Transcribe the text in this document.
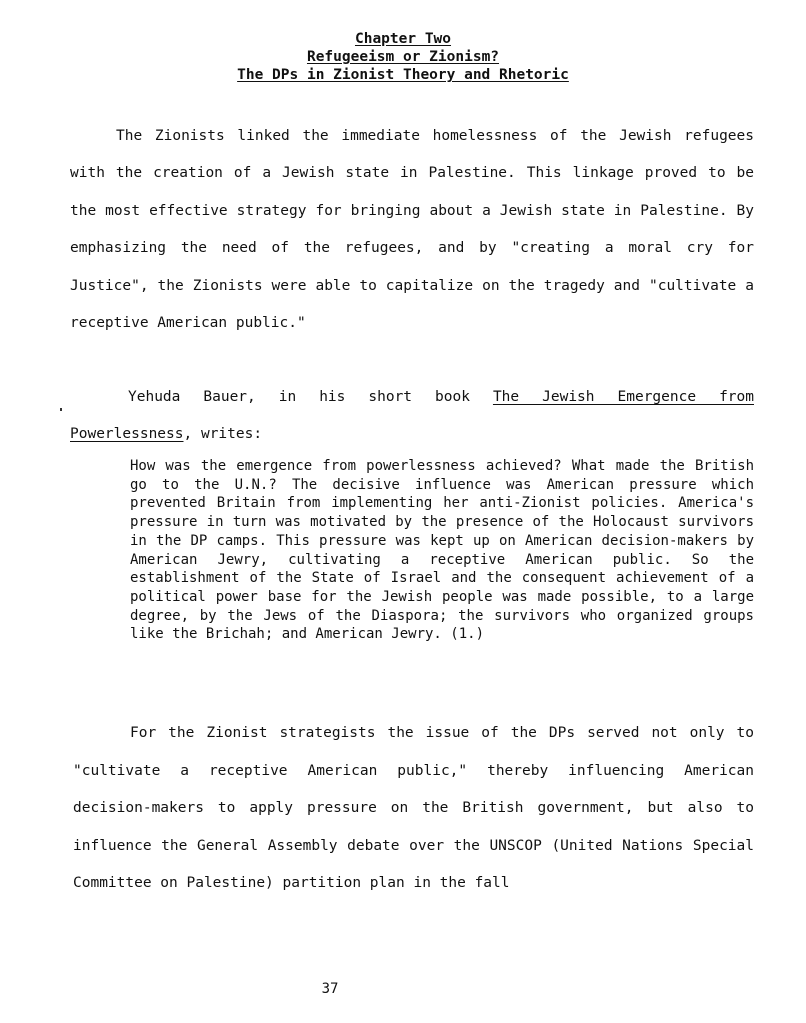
Chapter Two
Refugeeism or Zionism?
The DPs in Zionist Theory and Rhetoric

The Zionists linked the immediate homelessness of the Jewish refugees with the creation of a Jewish state in Palestine. This linkage proved to be the most effective strategy for bringing about a Jewish state in Palestine. By emphasizing the need of the refugees, and by "creating a moral cry for Justice", the Zionists were able to capitalize on the tragedy and "cultivate a receptive American public."

Yehuda Bauer, in his short book The Jewish Emergence from Powerlessness, writes:

How was the emergence from powerlessness achieved? What made the British go to the U.N.? The decisive influence was American pressure which prevented Britain from implementing her anti-Zionist policies. America's pressure in turn was motivated by the presence of the Holocaust survivors in the DP camps. This pressure was kept up on American decision-makers by American Jewry, cultivating a receptive American public. So the establishment of the State of Israel and the consequent achievement of a political power base for the Jewish people was made possible, to a large degree, by the Jews of the Diaspora; the survivors who organized groups like the Brichah; and American Jewry. (1.)

For the Zionist strategists the issue of the DPs served not only to "cultivate a receptive American public," thereby influencing American decision-makers to apply pressure on the British government, but also to influence the General Assembly debate over the UNSCOP (United Nations Special Committee on Palestine) partition plan in the fall

37
